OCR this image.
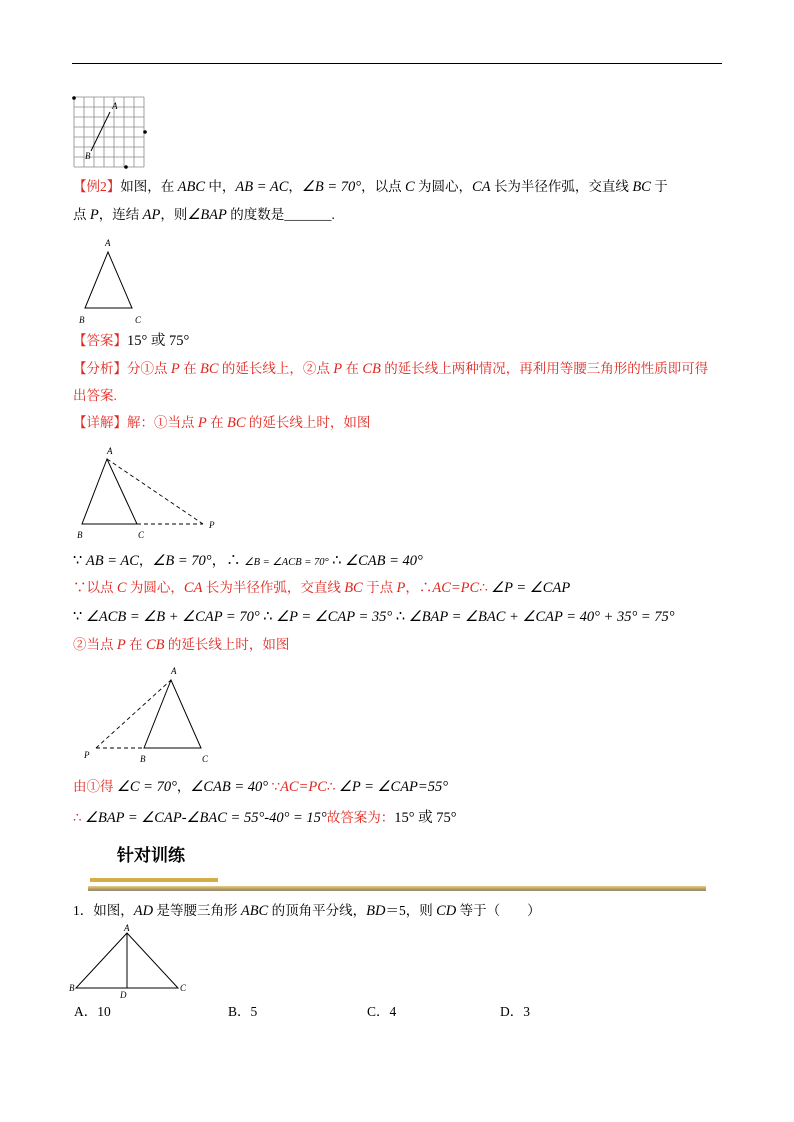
A
B
【例2】如图，在 ABC 中，AB = AC，∠B = 70°，以点 C 为圆心，CA 长为半径作弧，交直线 BC 于
点 P，连结 AP，则∠BAP 的度数是_______.
A
B	C
【答案】15° 或 75°
【分析】分①点 P 在 BC 的延长线上，②点 P 在 CB 的延长线上两种情况，再利用等腰三角形的性质即可得
出答案.
【详解】解：①当点 P 在 BC 的延长线上时，如图
A
B	C
P
∵ AB = AC，∠B = 70°，∴ ∠B = ∠ACB = 70° ∴ ∠CAB = 40°
∵以点 C 为圆心，CA 长为半径作弧，交直线 BC 于点 P，∴AC=PC∴ ∠P = ∠CAP
∵ ∠ACB = ∠B + ∠CAP = 70° ∴ ∠P = ∠CAP = 35° ∴ ∠BAP = ∠BAC + ∠CAP = 40° + 35° = 75°
②当点 P 在 CB 的延长线上时，如图
A
P	B	C
由①得 ∠C = 70°，∠CAB = 40° ∵AC=PC∴ ∠P = ∠CAP=55°
∴ ∠BAP = ∠CAP-∠BAC = 55°-40° = 15°故答案为：15° 或 75°
针对训练
1．如图，AD 是等腰三角形 ABC 的顶角平分线，BD＝5，则 CD 等于（　　）
A
B	C
D
A．10	B．5	C．4	D．3
